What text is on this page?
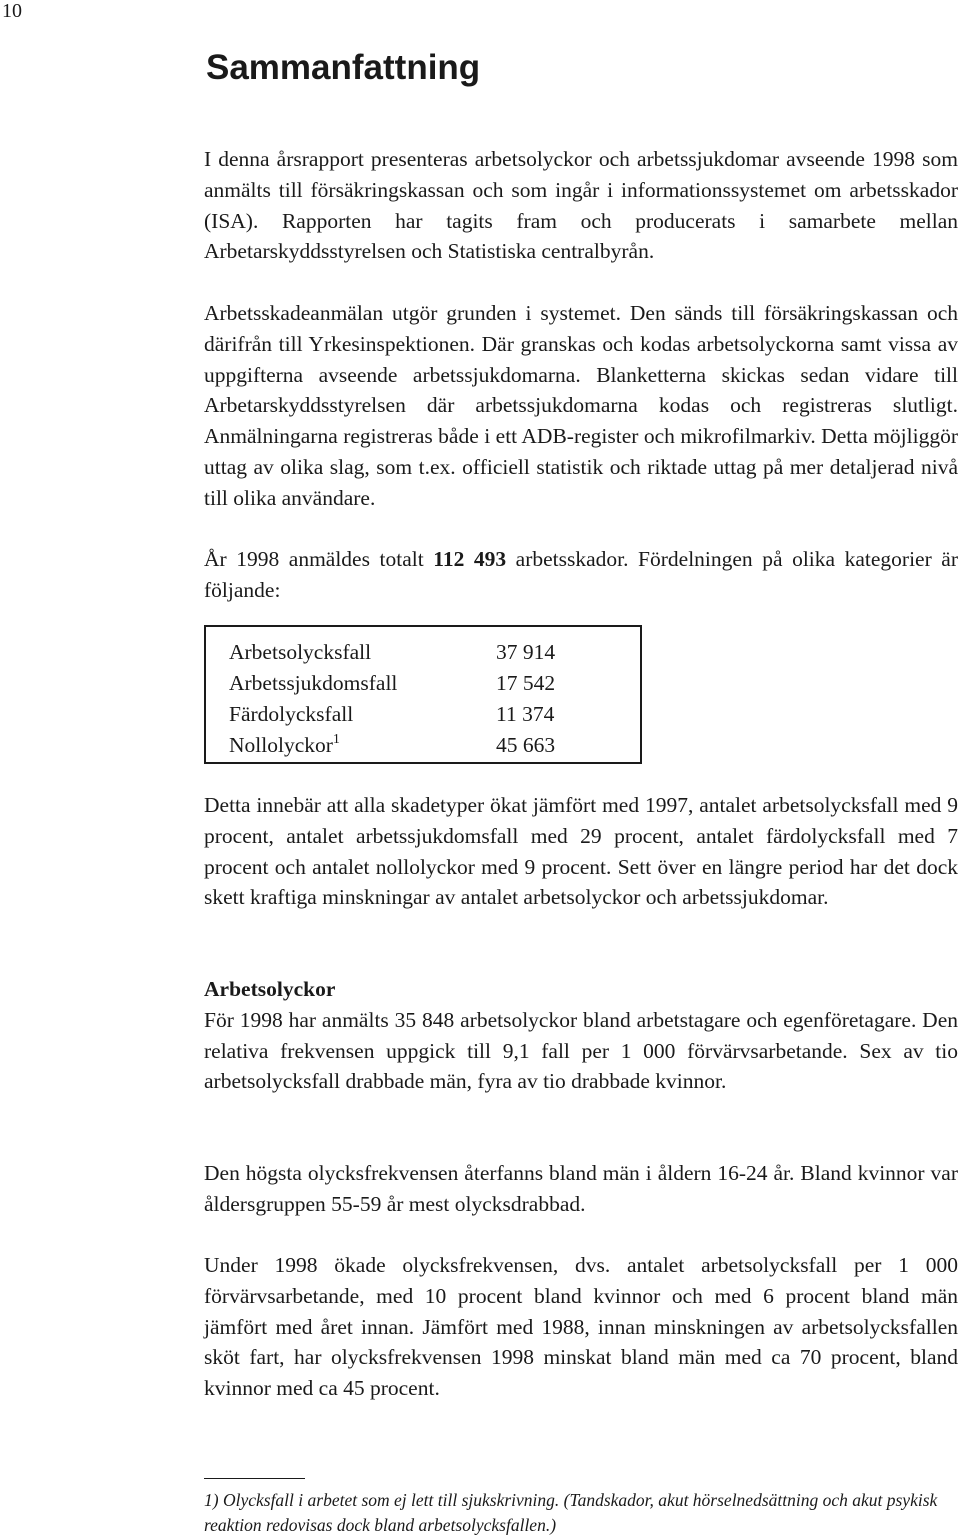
10
Sammanfattning

I denna årsrapport presenteras arbetsolyckor och arbetssjukdomar avseende 1998 som anmälts till försäkringskassan och som ingår i informationssystemet om arbetsskador (ISA). Rapporten har tagits fram och producerats i samarbete mellan Arbetarskyddsstyrelsen och Statistiska centralbyrån.

Arbetsskadeanmälan utgör grunden i systemet. Den sänds till försäkringskassan och därifrån till Yrkesinspektionen. Där granskas och kodas arbetsolyckorna samt vissa av uppgifterna avseende arbetssjukdomarna. Blanketterna skickas sedan vidare till Arbetarskyddsstyrelsen där arbetssjukdomarna kodas och registreras slutligt. Anmälningarna registreras både i ett ADB-register och mikrofilmarkiv. Detta möjliggör uttag av olika slag, som t.ex. officiell statistik och riktade uttag på mer detaljerad nivå till olika användare.

År 1998 anmäldes totalt 112 493 arbetsskador. Fördelningen på olika kategorier är följande:

Arbetsolycksfall	37 914
Arbetssjukdomsfall	17 542
Färdolycksfall	11 374
Nollolyckor$^1$	45 663

Detta innebär att alla skadetyper ökat jämfört med 1997, antalet arbetsolycksfall med 9 procent, antalet arbetssjukdomsfall med 29 procent, antalet färdolycksfall med 7 procent och antalet nollolyckor med 9 procent. Sett över en längre period har det dock skett kraftiga minskningar av antalet arbetsolyckor och arbetssjukdomar.

Arbetsolyckor
För 1998 har anmälts 35 848 arbetsolyckor bland arbetstagare och egenföretagare. Den relativa frekvensen uppgick till 9,1 fall per 1 000 förvärvsarbetande. Sex av tio arbetsolycksfall drabbade män, fyra av tio drabbade kvinnor.

Den högsta olycksfrekvensen återfanns bland män i åldern 16-24 år. Bland kvinnor var åldersgruppen 55-59 år mest olycksdrabbad.

Under 1998 ökade olycksfrekvensen, dvs. antalet arbetsolycksfall per 1 000 förvärvsarbetande, med 10 procent bland kvinnor och med 6 procent bland män jämfört med året innan. Jämfört med 1988, innan minskningen av arbetsolycksfallen sköt fart, har olycksfrekvensen 1998 minskat bland män med ca 70 procent, bland kvinnor med ca 45 procent.

1) Olycksfall i arbetet som ej lett till sjukskrivning. (Tandskador, akut hörselnedsättning och akut psykisk reaktion redovisas dock bland arbetsolycksfallen.)
